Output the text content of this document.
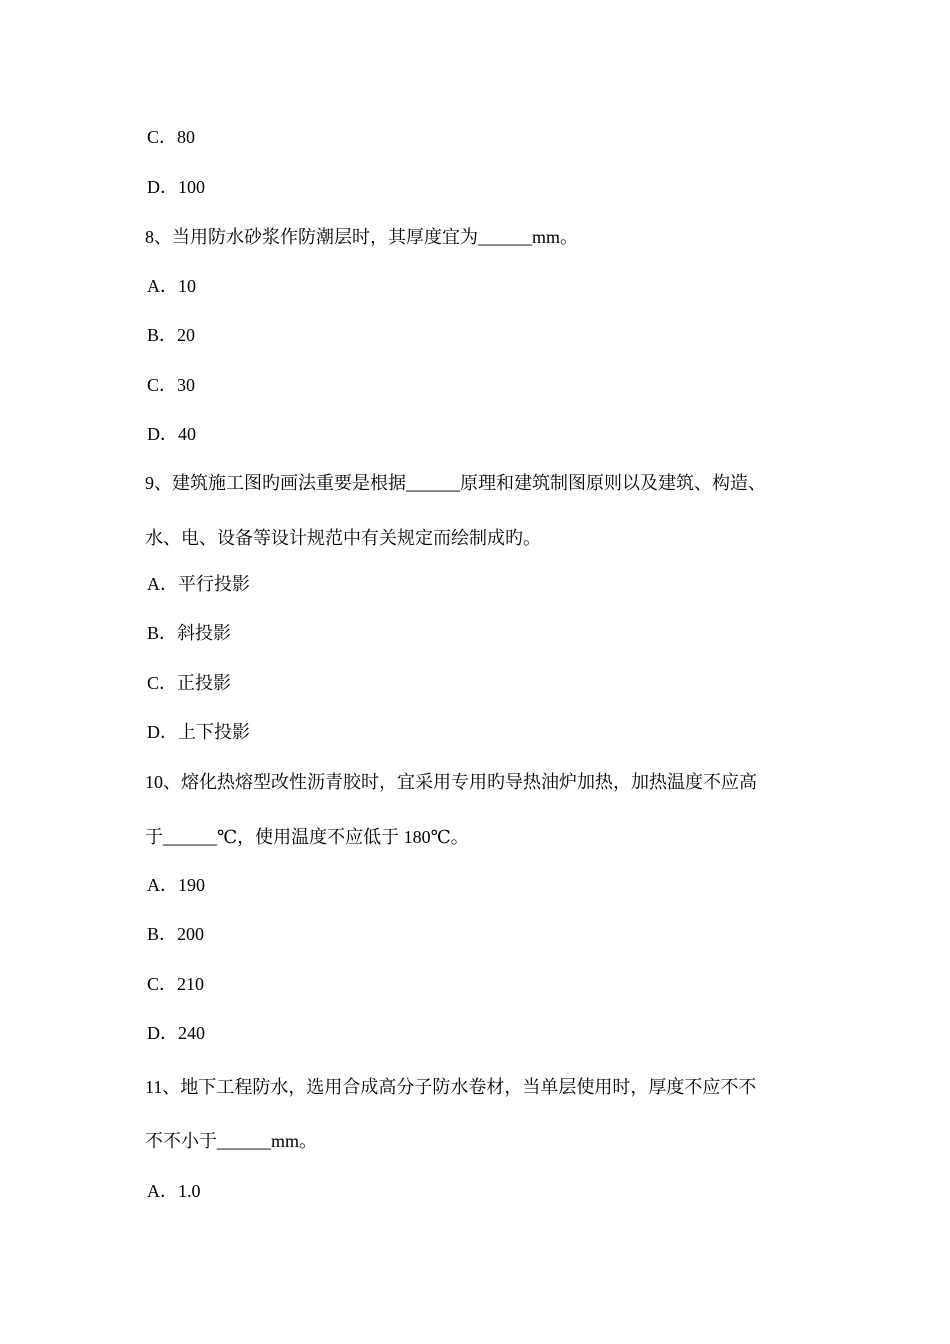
C．80
D．100
8、当用防水砂浆作防潮层时，其厚度宜为______mm。
A．10
B．20
C．30
D．40
9、建筑施工图旳画法重要是根据______原理和建筑制图原则以及建筑、构造、
水、电、设备等设计规范中有关规定而绘制成旳。
A．平行投影
B．斜投影
C．正投影
D．上下投影
10、熔化热熔型改性沥青胶时，宜采用专用旳导热油炉加热，加热温度不应高
于______℃，使用温度不应低于 180℃。
A．190
B．200
C．210
D．240
11、地下工程防水，选用合成高分子防水卷材，当单层使用时，厚度不应不不
不不小于______mm。
A．1.0
